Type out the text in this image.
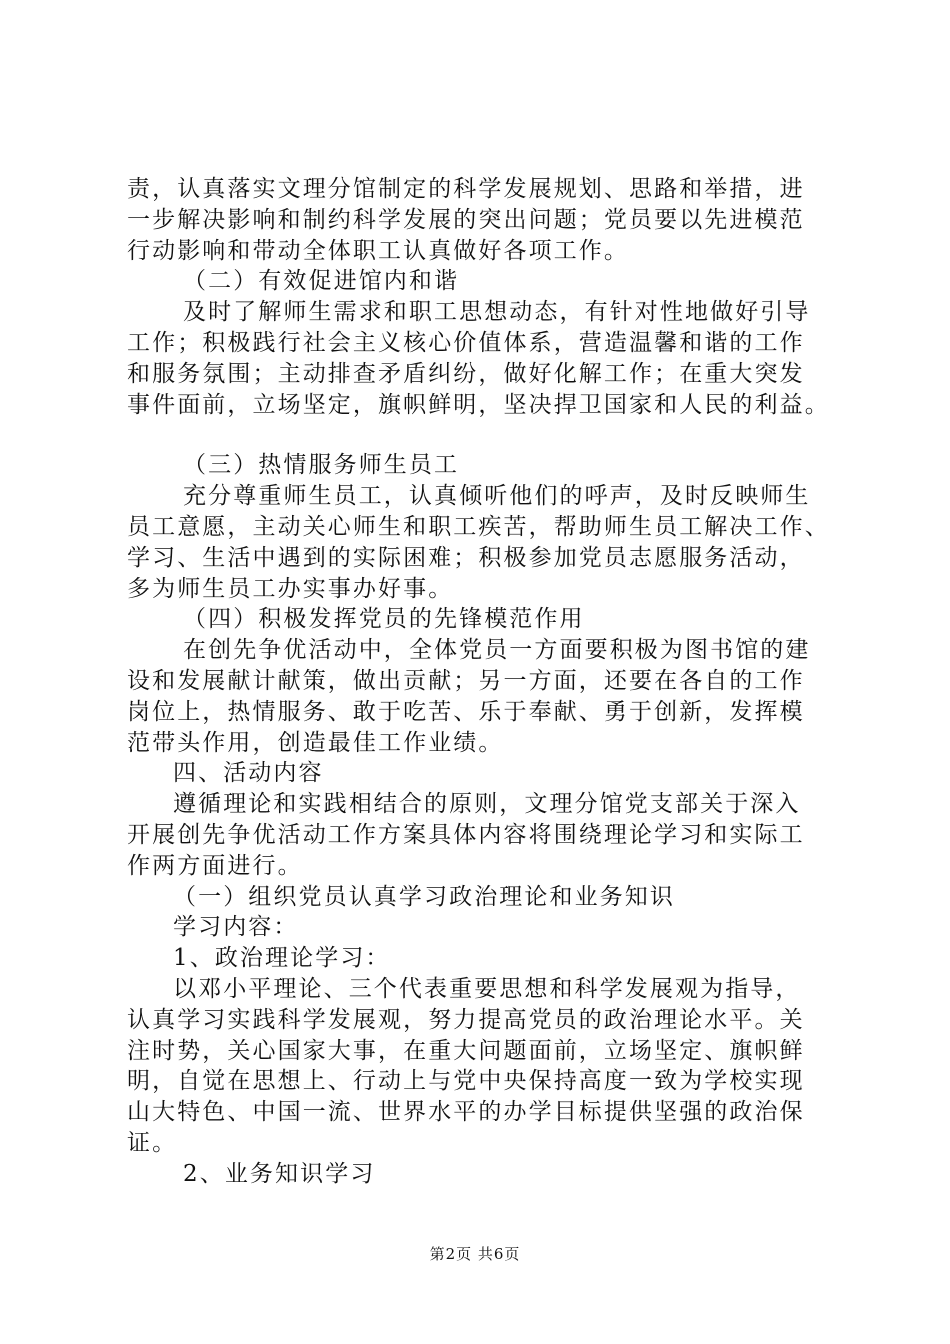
责，认真落实文理分馆制定的科学发展规划、思路和举措，进
一步解决影响和制约科学发展的突出问题；党员要以先进模范
行动影响和带动全体职工认真做好各项工作。
（二）有效促进馆内和谐
及时了解师生需求和职工思想动态，有针对性地做好引导
工作；积极践行社会主义核心价值体系，营造温馨和谐的工作
和服务氛围；主动排查矛盾纠纷，做好化解工作；在重大突发
事件面前，立场坚定，旗帜鲜明，坚决捍卫国家和人民的利益。
（三）热情服务师生员工
充分尊重师生员工，认真倾听他们的呼声，及时反映师生
员工意愿，主动关心师生和职工疾苦，帮助师生员工解决工作、
学习、生活中遇到的实际困难；积极参加党员志愿服务活动，
多为师生员工办实事办好事。
（四）积极发挥党员的先锋模范作用
在创先争优活动中，全体党员一方面要积极为图书馆的建
设和发展献计献策，做出贡献；另一方面，还要在各自的工作
岗位上，热情服务、敢于吃苦、乐于奉献、勇于创新，发挥模
范带头作用，创造最佳工作业绩。
四、活动内容
遵循理论和实践相结合的原则，文理分馆党支部关于深入
开展创先争优活动工作方案具体内容将围绕理论学习和实际工
作两方面进行。
（一）组织党员认真学习政治理论和业务知识
学习内容：
1、政治理论学习：
以邓小平理论、三个代表重要思想和科学发展观为指导，
认真学习实践科学发展观，努力提高党员的政治理论水平。关
注时势，关心国家大事，在重大问题面前，立场坚定、旗帜鲜
明，自觉在思想上、行动上与党中央保持高度一致为学校实现
山大特色、中国一流、世界水平的办学目标提供坚强的政治保
证。
2、业务知识学习
第2页 共6页
